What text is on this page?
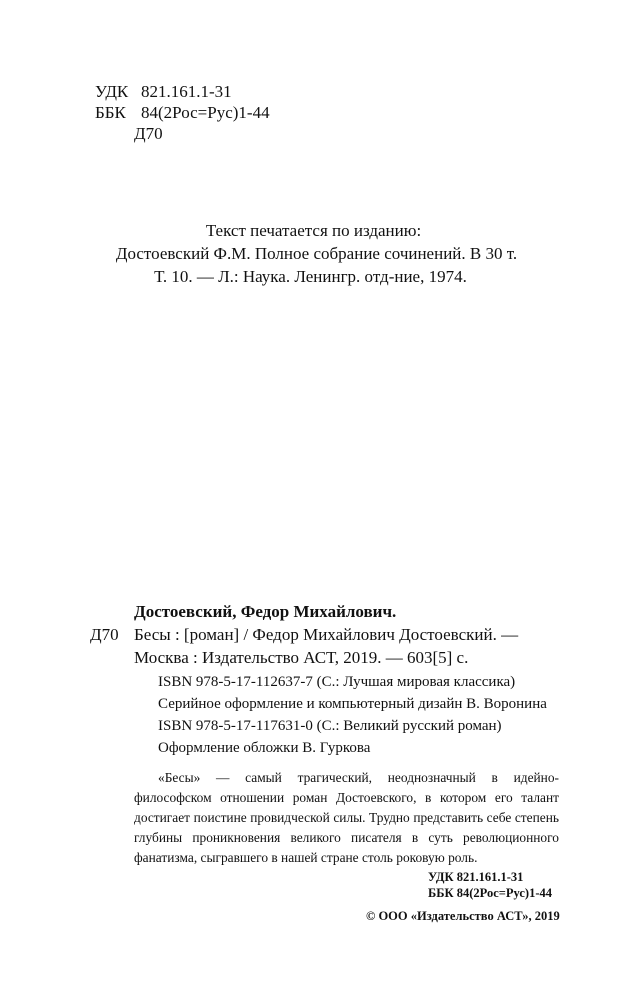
УДК 821.161.1-31
ББК 84(2Рос=Рус)1-44
Д70
Текст печатается по изданию:
Достоевский Ф.М. Полное собрание сочинений. В 30 т.
Т. 10. — Л.: Наука. Ленингр. отд-ние, 1974.
Достоевский, Федор Михайлович.
Д70 Бесы : [роман] / Федор Михайлович Достоевский. —
Москва : Издательство АСТ, 2019. — 603[5] с.
ISBN 978-5-17-112637-7 (С.: Лучшая мировая классика)
Серийное оформление и компьютерный дизайн В. Воронина
ISBN 978-5-17-117631-0 (С.: Великий русский роман)
Оформление обложки В. Гуркова
«Бесы» — самый трагический, неоднозначный в идейно-философском отношении роман Достоевского, в котором его талант достигает поистине провидческой силы. Трудно представить себе степень глубины проникновения великого писателя в суть революционного фанатизма, сыгравшего в нашей стране столь роковую роль.
УДК 821.161.1-31
ББК 84(2Рос=Рус)1-44
© ООО «Издательство АСТ», 2019
